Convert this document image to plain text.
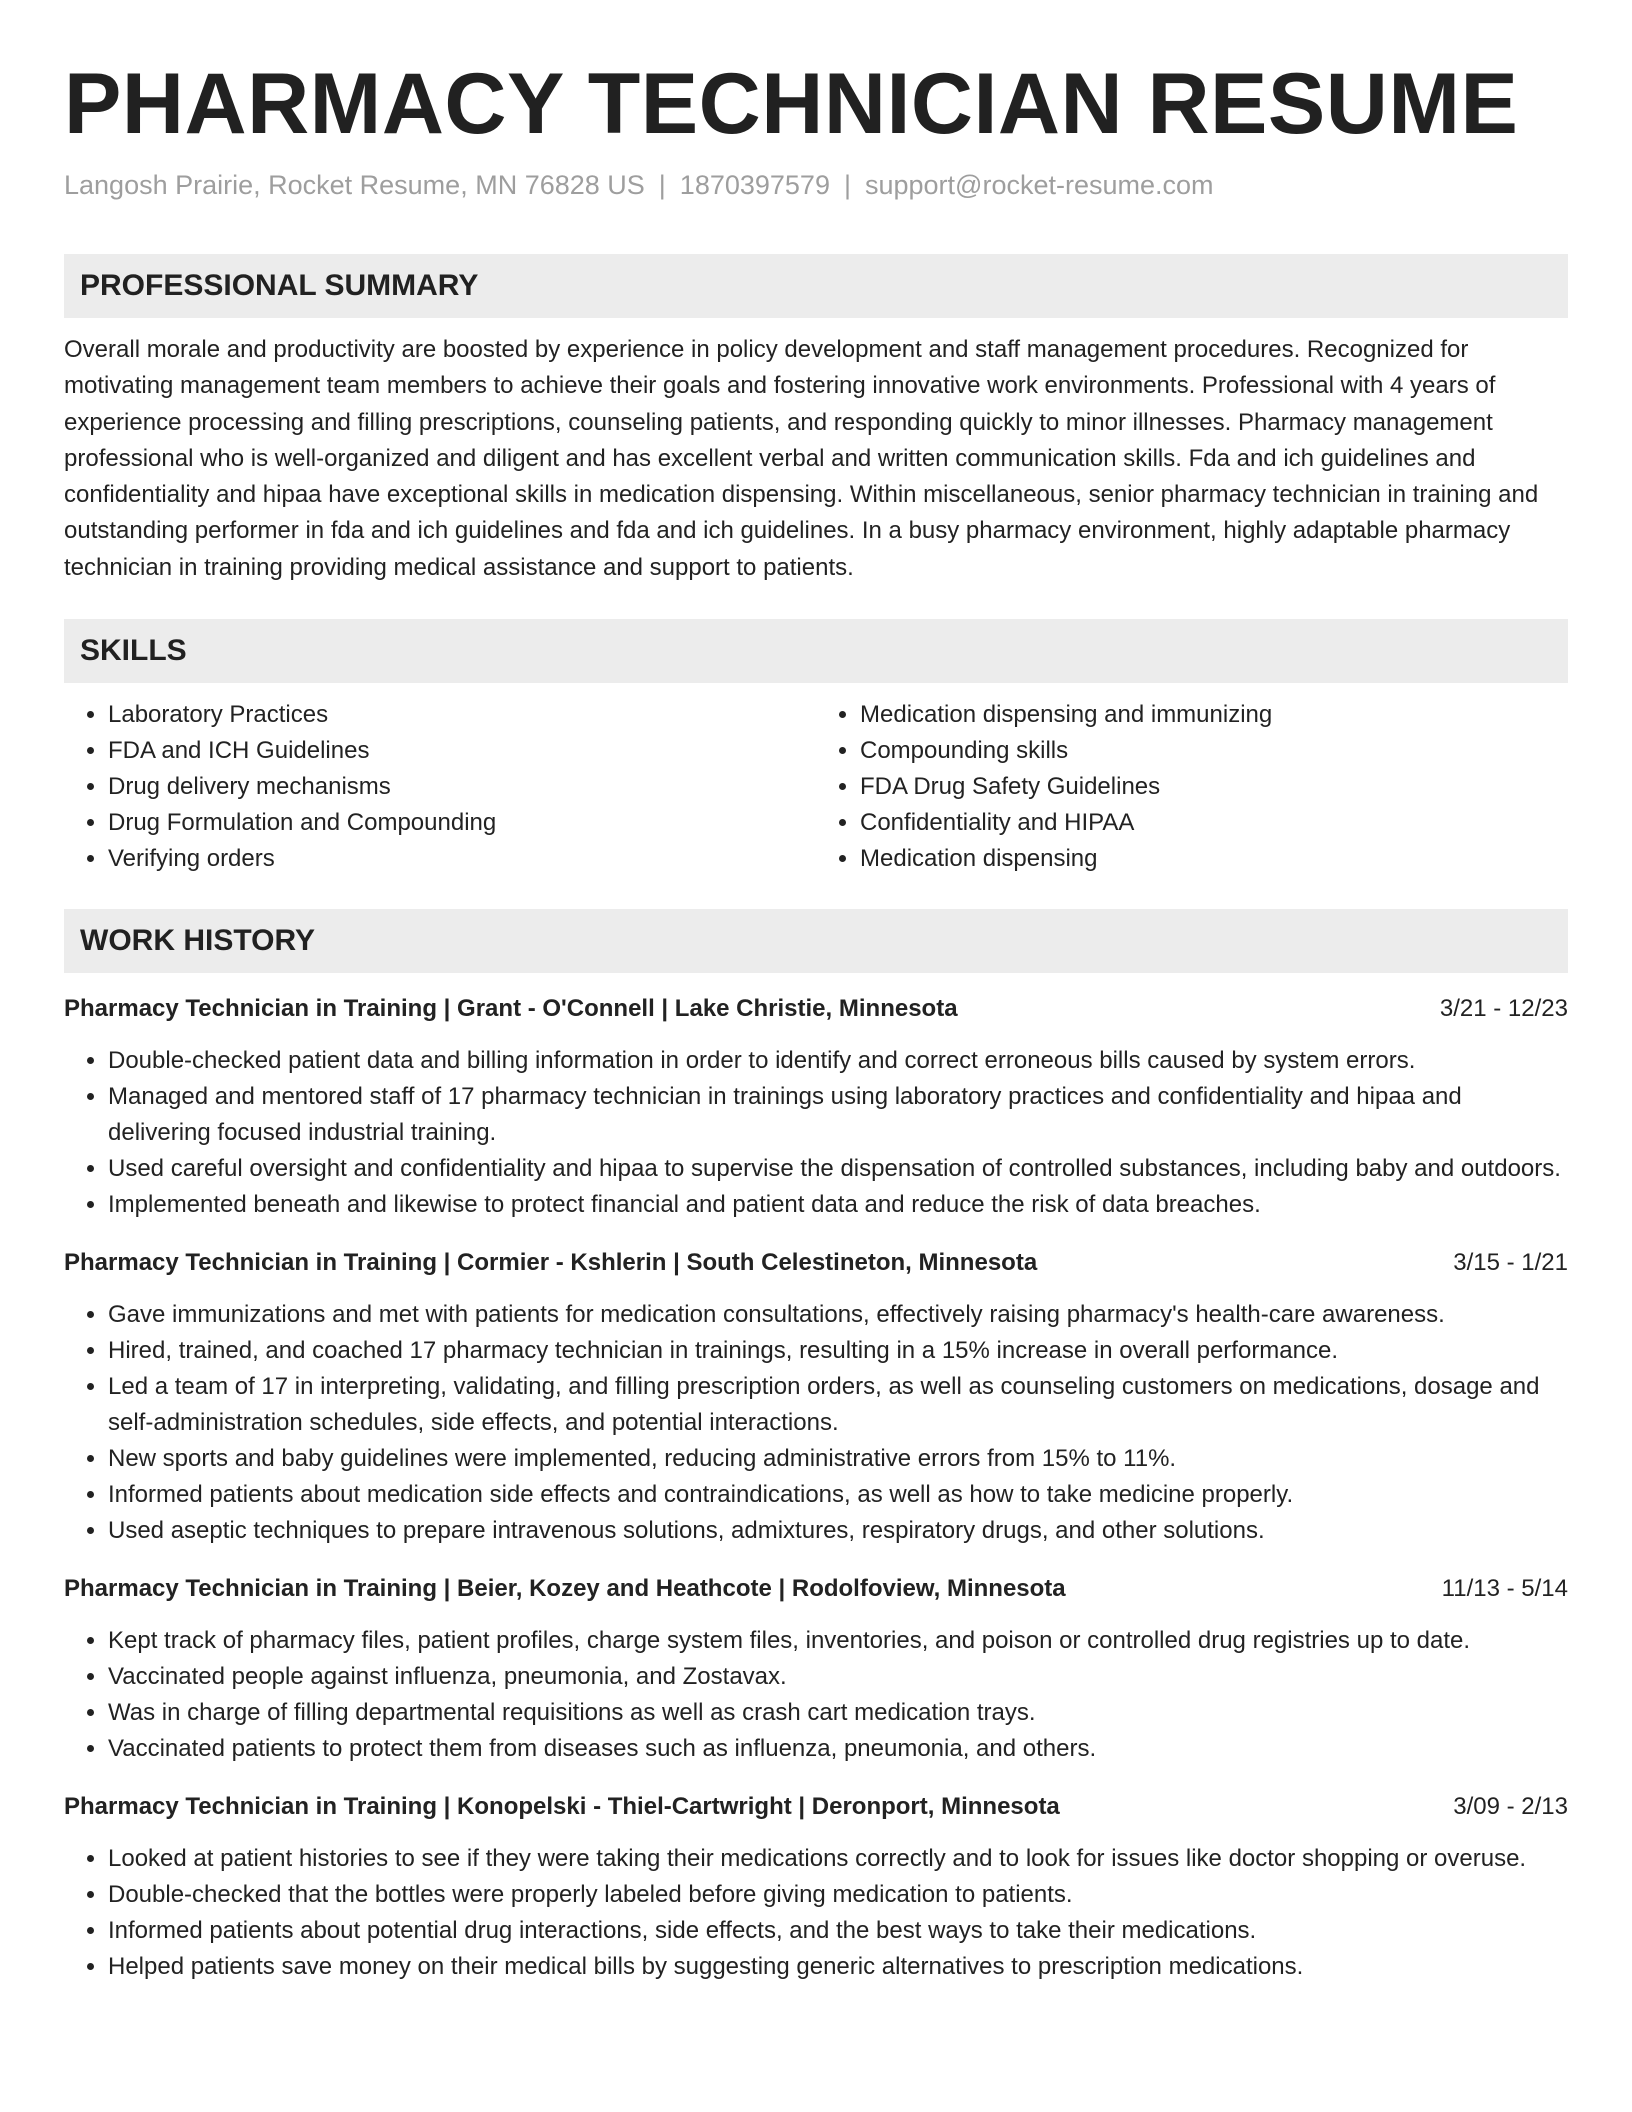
PHARMACY TECHNICIAN RESUME
Langosh Prairie, Rocket Resume, MN 76828 US | 1870397579 | support@rocket-resume.com
PROFESSIONAL SUMMARY

Overall morale and productivity are boosted by experience in policy development and staff management procedures. Recognized for motivating management team members to achieve their goals and fostering innovative work environments. Professional with 4 years of experience processing and filling prescriptions, counseling patients, and responding quickly to minor illnesses. Pharmacy management professional who is well-organized and diligent and has excellent verbal and written communication skills. Fda and ich guidelines and confidentiality and hipaa have exceptional skills in medication dispensing. Within miscellaneous, senior pharmacy technician in training and outstanding performer in fda and ich guidelines and fda and ich guidelines. In a busy pharmacy environment, highly adaptable pharmacy technician in training providing medical assistance and support to patients.

SKILLS
• Laboratory Practices
• FDA and ICH Guidelines
• Drug delivery mechanisms
• Drug Formulation and Compounding
• Verifying orders
• Medication dispensing and immunizing
• Compounding skills
• FDA Drug Safety Guidelines
• Confidentiality and HIPAA
• Medication dispensing
WORK HISTORY
Pharmacy Technician in Training | Grant - O'Connell | Lake Christie, Minnesota	3/21 - 12/23
• Double-checked patient data and billing information in order to identify and correct erroneous bills caused by system errors.
• Managed and mentored staff of 17 pharmacy technician in trainings using laboratory practices and confidentiality and hipaa and delivering focused industrial training.
• Used careful oversight and confidentiality and hipaa to supervise the dispensation of controlled substances, including baby and outdoors.
• Implemented beneath and likewise to protect financial and patient data and reduce the risk of data breaches.
Pharmacy Technician in Training | Cormier - Kshlerin | South Celestineton, Minnesota	3/15 - 1/21
• Gave immunizations and met with patients for medication consultations, effectively raising pharmacy's health-care awareness.
• Hired, trained, and coached 17 pharmacy technician in trainings, resulting in a 15% increase in overall performance.
• Led a team of 17 in interpreting, validating, and filling prescription orders, as well as counseling customers on medications, dosage and self-administration schedules, side effects, and potential interactions.
• New sports and baby guidelines were implemented, reducing administrative errors from 15% to 11%.
• Informed patients about medication side effects and contraindications, as well as how to take medicine properly.
• Used aseptic techniques to prepare intravenous solutions, admixtures, respiratory drugs, and other solutions.
Pharmacy Technician in Training | Beier, Kozey and Heathcote | Rodolfoview, Minnesota	11/13 - 5/14
• Kept track of pharmacy files, patient profiles, charge system files, inventories, and poison or controlled drug registries up to date.
• Vaccinated people against influenza, pneumonia, and Zostavax.
• Was in charge of filling departmental requisitions as well as crash cart medication trays.
• Vaccinated patients to protect them from diseases such as influenza, pneumonia, and others.
Pharmacy Technician in Training | Konopelski - Thiel-Cartwright | Deronport, Minnesota	3/09 - 2/13
• Looked at patient histories to see if they were taking their medications correctly and to look for issues like doctor shopping or overuse.
• Double-checked that the bottles were properly labeled before giving medication to patients.
• Informed patients about potential drug interactions, side effects, and the best ways to take their medications.
• Helped patients save money on their medical bills by suggesting generic alternatives to prescription medications.
